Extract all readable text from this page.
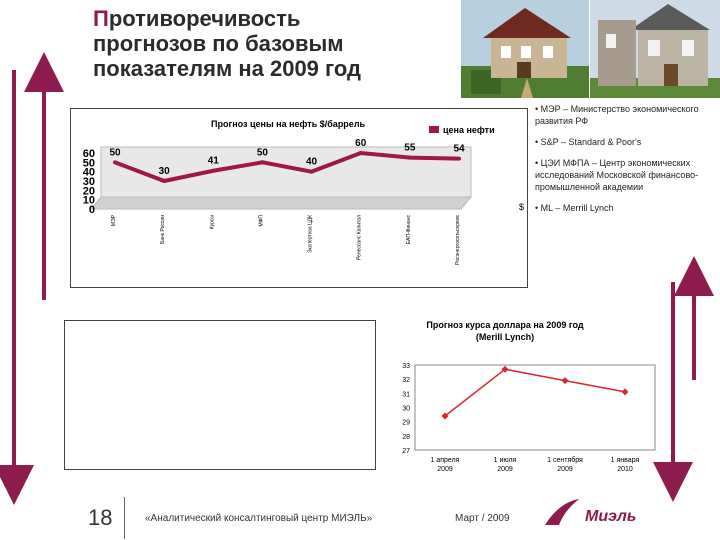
Противоречивость
прогнозов по базовым
показателям на 2009 год
Прогноз цены на нефть $/баррель
цена нефти
$
60
50
40
30
20
10
0
МЭР	Банк России	Курсы	МФП	Экспертиза ЦДК	Ренессанс Капитал	ЕАП-Финанс	Росэнергосетьсервис
50
30
41
50
40
60	55	54
• МЭР – Министерство экономического развития РФ
• S&P – Standard & Poor's
• ЦЭИ МФПА – Центр экономических исследований Московской финансово-промышленной академии
• ML – Merrill Lynch
Прогноз курса доллара на 2009 год
(Merill Lynch)
33
32
31
30
29
28
27
1 апреля 2009
1 июля 2009
1 сентября 2009
1 января 2010
18	«Аналитический консалтинговый центр МИЭЛЬ»	Март / 2009	Миэль
